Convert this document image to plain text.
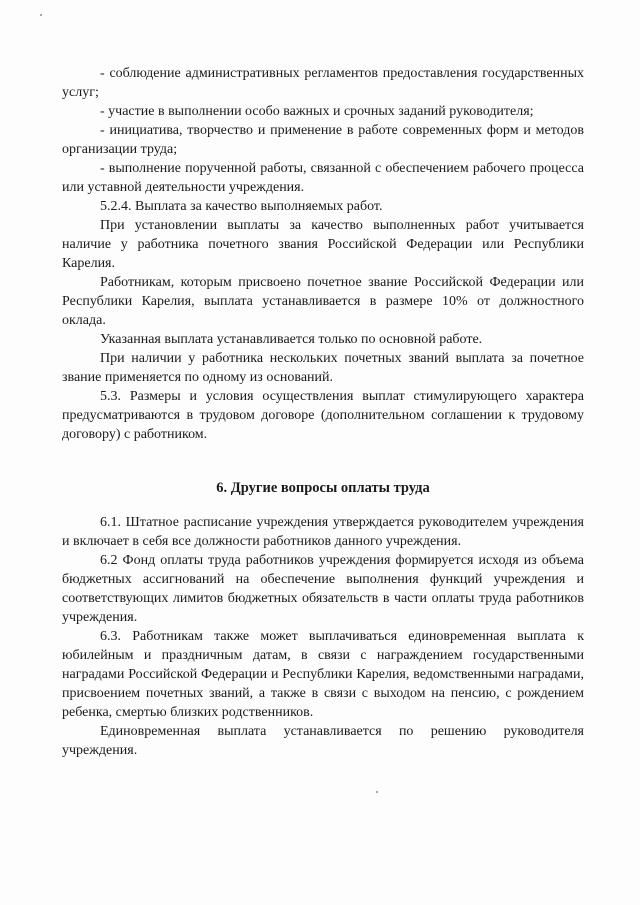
- соблюдение административных регламентов предоставления государственных услуг;

- участие в выполнении особо важных и срочных заданий руководителя;

- инициатива, творчество и применение в работе современных форм и методов организации труда;

- выполнение порученной работы, связанной с обеспечением рабочего процесса или уставной деятельности учреждения.

5.2.4. Выплата за качество выполняемых работ.

При установлении выплаты за качество выполненных работ учитывается наличие у работника почетного звания Российской Федерации или Республики Карелия.

Работникам, которым присвоено почетное звание Российской Федерации или Республики Карелия, выплата устанавливается в размере 10% от должностного оклада.

Указанная выплата устанавливается только по основной работе.

При наличии у работника нескольких почетных званий выплата за почетное звание применяется по одному из оснований.

5.3. Размеры и условия осуществления выплат стимулирующего характера предусматриваются в трудовом договоре (дополнительном соглашении к трудовому договору) с работником.

6. Другие вопросы оплаты труда

6.1. Штатное расписание учреждения утверждается руководителем учреждения и включает в себя все должности работников данного учреждения.

6.2 Фонд оплаты труда работников учреждения формируется исходя из объема бюджетных ассигнований на обеспечение выполнения функций учреждения и соответствующих лимитов бюджетных обязательств в части оплаты труда работников учреждения.

6.3. Работникам также может выплачиваться единовременная выплата к юбилейным и праздничным датам, в связи с награждением государственными наградами Российской Федерации и Республики Карелия, ведомственными наградами, присвоением почетных званий, а также в связи с выходом на пенсию, с рождением ребенка, смертью близких родственников.

Единовременная выплата устанавливается по решению руководителя учреждения.
